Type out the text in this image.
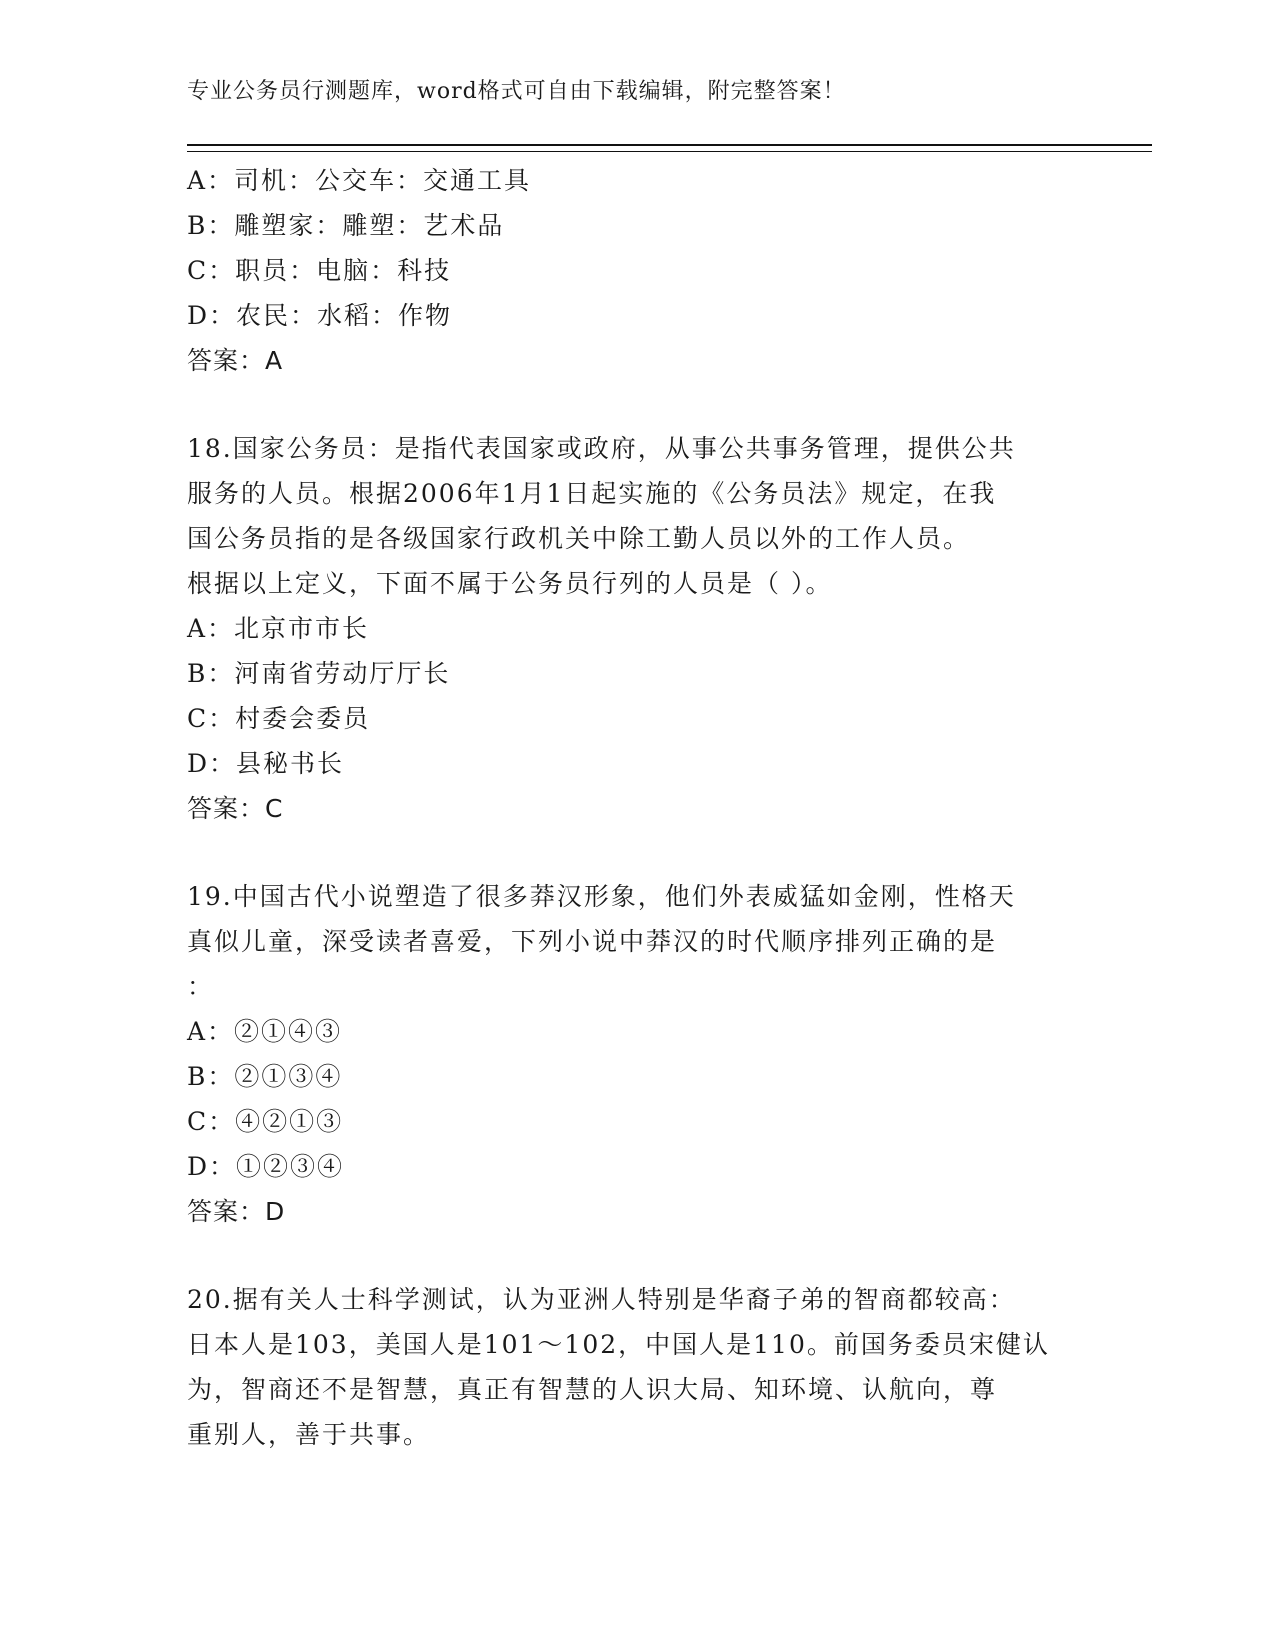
专业公务员行测题库，word格式可自由下载编辑，附完整答案！
A：司机：公交车：交通工具
B：雕塑家：雕塑：艺术品
C：职员：电脑：科技
D：农民：水稻：作物
答案：A
18.国家公务员：是指代表国家或政府，从事公共事务管理，提供公共
服务的人员。根据2006年1月1日起实施的《公务员法》规定，在我
国公务员指的是各级国家行政机关中除工勤人员以外的工作人员。
根据以上定义，下面不属于公务员行列的人员是（ ）。
A：北京市市长
B：河南省劳动厅厅长
C：村委会委员
D：县秘书长
答案：C
19.中国古代小说塑造了很多莽汉形象，他们外表威猛如金刚，性格天
真似儿童，深受读者喜爱，下列小说中莽汉的时代顺序排列正确的是
：
A：②①④③
B：②①③④
C：④②①③
D：①②③④
答案：D
20.据有关人士科学测试，认为亚洲人特别是华裔子弟的智商都较高：
日本人是103，美国人是101～102，中国人是110。前国务委员宋健认
为，智商还不是智慧，真正有智慧的人识大局、知环境、认航向，尊
重别人，善于共事。
